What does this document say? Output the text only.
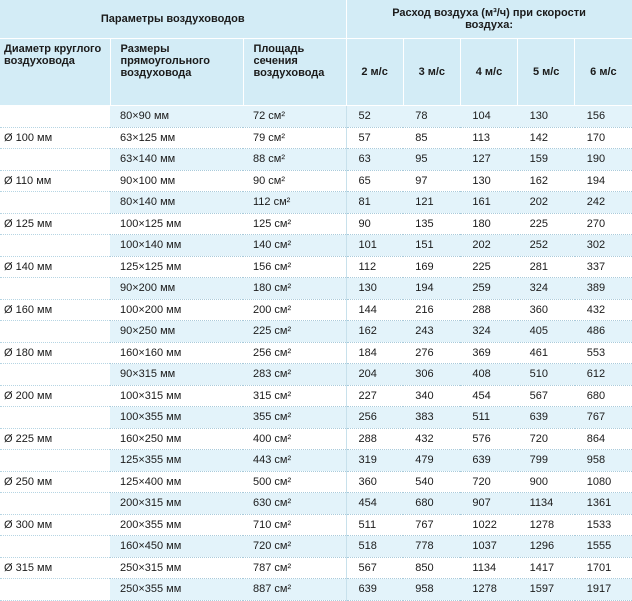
Параметры воздуховодов			Расход воздуха (м³/ч) при скорости воздуха:				
Диаметр круглого воздуховода	Размеры прямоугольного воздуховода	Площадь сечения воздуховода	2 м/с	3 м/с	4 м/с	5 м/с	6 м/с
	80×90 мм	72 см²	52	78	104	130	156
Ø 100 мм	63×125 мм	79 см²	57	85	113	142	170
	63×140 мм	88 см²	63	95	127	159	190
Ø 110 мм	90×100 мм	90 см²	65	97	130	162	194
	80×140 мм	112 см²	81	121	161	202	242
Ø 125 мм	100×125 мм	125 см²	90	135	180	225	270
	100×140 мм	140 см²	101	151	202	252	302
Ø 140 мм	125×125 мм	156 см²	112	169	225	281	337
	90×200 мм	180 см²	130	194	259	324	389
Ø 160 мм	100×200 мм	200 см²	144	216	288	360	432
	90×250 мм	225 см²	162	243	324	405	486
Ø 180 мм	160×160 мм	256 см²	184	276	369	461	553
	90×315 мм	283 см²	204	306	408	510	612
Ø 200 мм	100×315 мм	315 см²	227	340	454	567	680
	100×355 мм	355 см²	256	383	511	639	767
Ø 225 мм	160×250 мм	400 см²	288	432	576	720	864
	125×355 мм	443 см²	319	479	639	799	958
Ø 250 мм	125×400 мм	500 см²	360	540	720	900	1080
	200×315 мм	630 см²	454	680	907	1134	1361
Ø 300 мм	200×355 мм	710 см²	511	767	1022	1278	1533
	160×450 мм	720 см²	518	778	1037	1296	1555
Ø 315 мм	250×315 мм	787 см²	567	850	1134	1417	1701
	250×355 мм	887 см²	639	958	1278	1597	1917
